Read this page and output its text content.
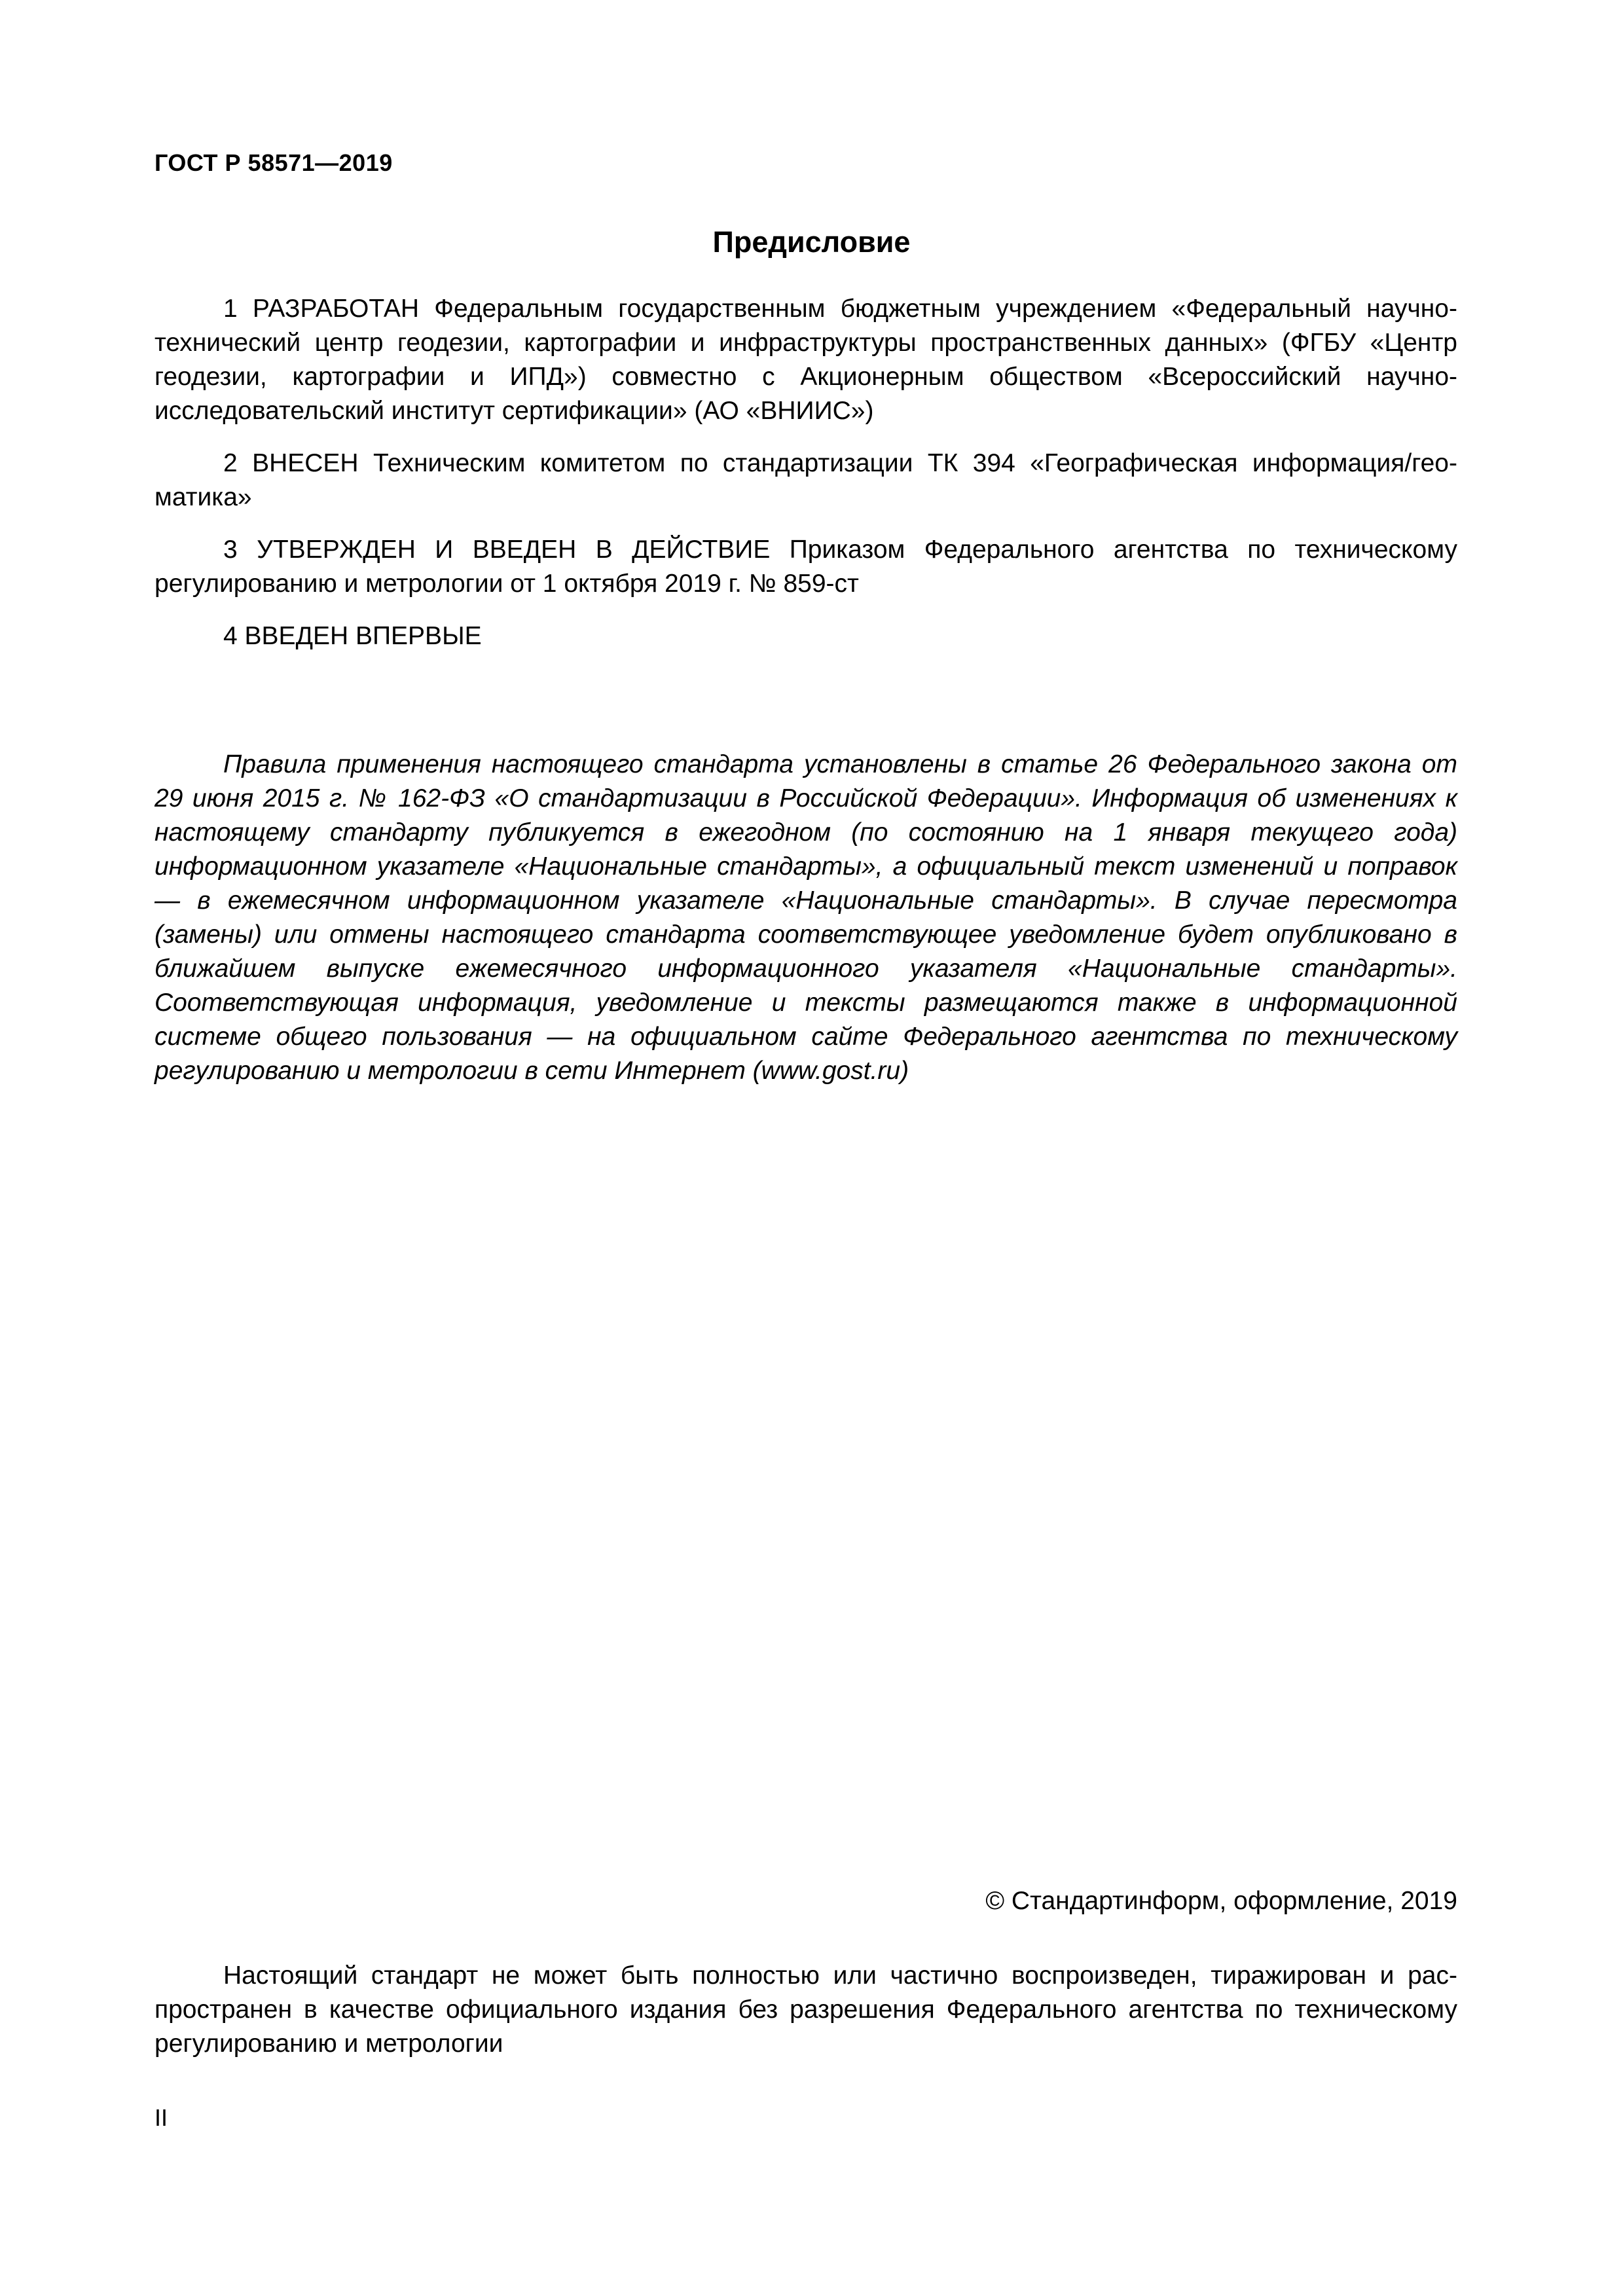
ГОСТ Р 58571—2019
Предисловие

1 РАЗРАБОТАН Федеральным государственным бюджетным учреждением «Федеральный научно-технический центр геодезии, картографии и инфраструктуры пространственных данных» (ФГБУ «Центр геодезии, картографии и ИПД») совместно с Акционерным обществом «Всероссийский научно-исследовательский институт сертификации» (АО «ВНИИС»)

2 ВНЕСЕН Техническим комитетом по стандартизации ТК 394 «Географическая информация/геоматика»

3 УТВЕРЖДЕН И ВВЕДЕН В ДЕЙСТВИЕ Приказом Федерального агентства по техническому регулированию и метрологии от 1 октября 2019 г. № 859-ст

4 ВВЕДЕН ВПЕРВЫЕ

Правила применения настоящего стандарта установлены в статье 26 Федерального закона от 29 июня 2015 г. № 162-ФЗ «О стандартизации в Российской Федерации». Информация об изменениях к настоящему стандарту публикуется в ежегодном (по состоянию на 1 января текущего года) информационном указателе «Национальные стандарты», а официальный текст изменений и поправок — в ежемесячном информационном указателе «Национальные стандарты». В случае пересмотра (замены) или отмены настоящего стандарта соответствующее уведомление будет опубликовано в ближайшем выпуске ежемесячного информационного указателя «Национальные стандарты». Соответствующая информация, уведомление и тексты размещаются также в информационной системе общего пользования — на официальном сайте Федерального агентства по техническому регулированию и метрологии в сети Интернет (www.gost.ru)

© Стандартинформ, оформление, 2019

Настоящий стандарт не может быть полностью или частично воспроизведен, тиражирован и распространен в качестве официального издания без разрешения Федерального агентства по техническому регулированию и метрологии

II
